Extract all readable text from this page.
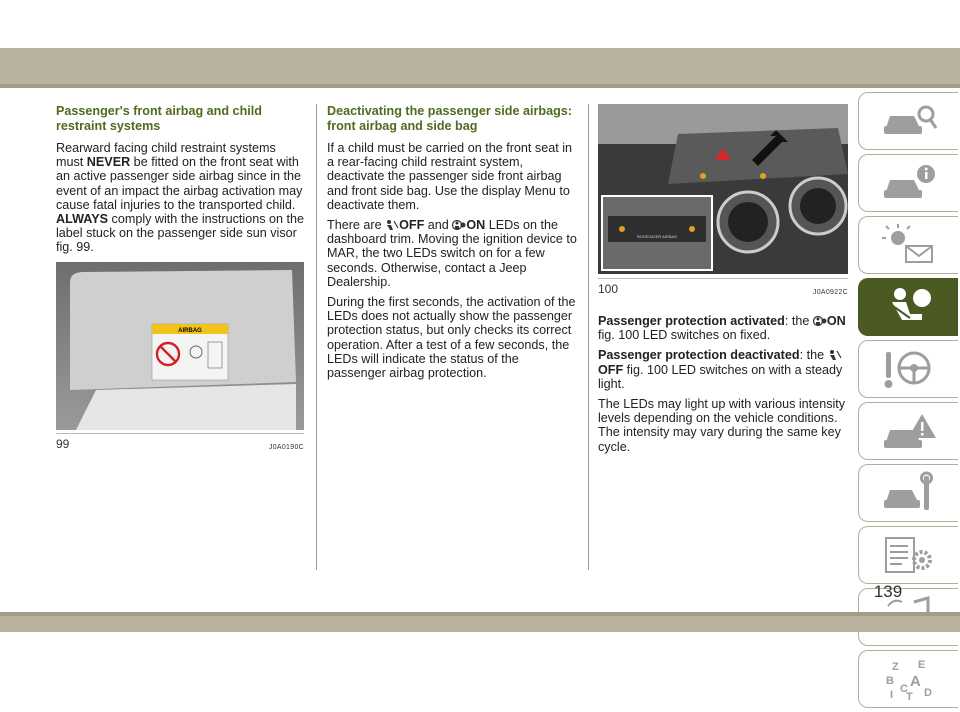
Passenger's front airbag and child restraint systems

Rearward facing child restraint systems must NEVER be fitted on the front seat with an active passenger side airbag since in the event of an impact the airbag activation may cause fatal injuries to the transported child. ALWAYS comply with the instructions on the label stuck on the passenger side sun visor fig. 99.

AIRBAG
99	J0A0190C
Deactivating the passenger side airbags: front airbag and side bag

If a child must be carried on the front seat in a rear-facing child restraint system, deactivate the passenger side front airbag and front side bag. Use the display Menu to deactivate them.

There are OFF and ON LEDs on the dashboard trim. Moving the ignition device to MAR, the two LEDs switch on for a few seconds. Otherwise, contact a Jeep Dealership.

During the first seconds, the activation of the LEDs does not actually show the passenger protection status, but only checks its correct operation. After a test of a few seconds, the LEDs will indicate the status of the passenger airbag protection.

PASSENGER AIRBAG
100	J0A0922C

Passenger protection activated: the ON fig. 100 LED switches on fixed.

Passenger protection deactivated: the OFF fig. 100 LED switches on with a steady light.

The LEDs may light up with various intensity levels depending on the vehicle conditions. The intensity may vary during the same key cycle.

Z E
B A
I C
T D
139
